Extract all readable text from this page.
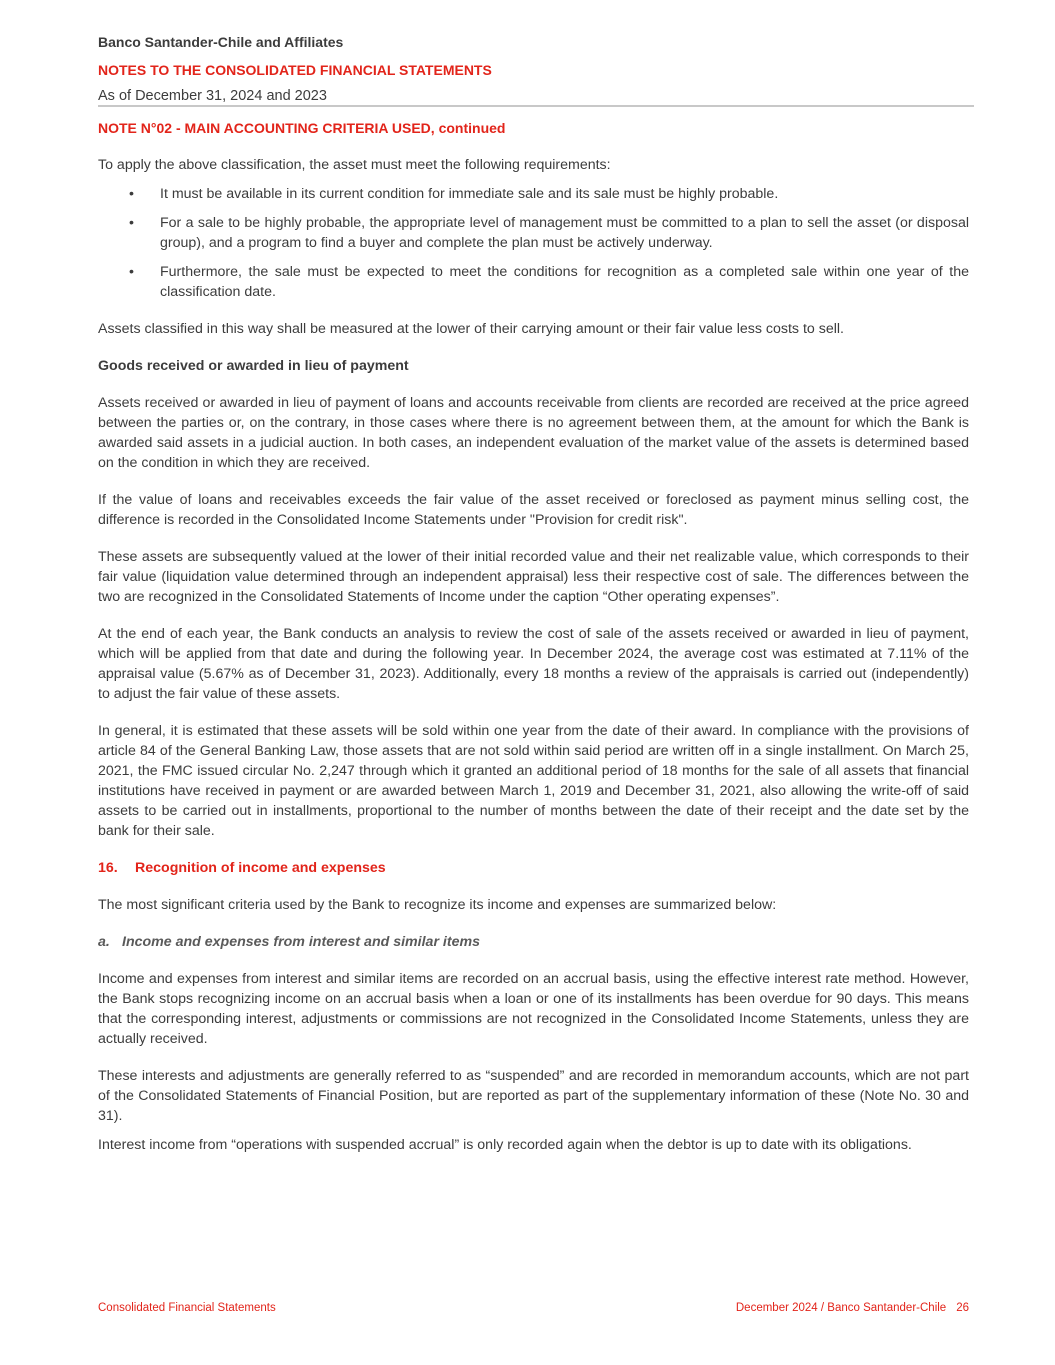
Banco Santander-Chile and Affiliates
NOTES TO THE CONSOLIDATED FINANCIAL STATEMENTS
As of December 31, 2024 and 2023
NOTE N°02 - MAIN ACCOUNTING CRITERIA USED, continued

To apply the above classification, the asset must meet the following requirements:

• It must be available in its current condition for immediate sale and its sale must be highly probable.
• For a sale to be highly probable, the appropriate level of management must be committed to a plan to sell the asset (or disposal group), and a program to find a buyer and complete the plan must be actively underway.
• Furthermore, the sale must be expected to meet the conditions for recognition as a completed sale within one year of the classification date.

Assets classified in this way shall be measured at the lower of their carrying amount or their fair value less costs to sell.

Goods received or awarded in lieu of payment

Assets received or awarded in lieu of payment of loans and accounts receivable from clients are recorded are received at the price agreed between the parties or, on the contrary, in those cases where there is no agreement between them, at the amount for which the Bank is awarded said assets in a judicial auction. In both cases, an independent evaluation of the market value of the assets is determined based on the condition in which they are received.

If the value of loans and receivables exceeds the fair value of the asset received or foreclosed as payment minus selling cost, the difference is recorded in the Consolidated Income Statements under "Provision for credit risk".

These assets are subsequently valued at the lower of their initial recorded value and their net realizable value, which corresponds to their fair value (liquidation value determined through an independent appraisal) less their respective cost of sale. The differences between the two are recognized in the Consolidated Statements of Income under the caption “Other operating expenses”.

At the end of each year, the Bank conducts an analysis to review the cost of sale of the assets received or awarded in lieu of payment, which will be applied from that date and during the following year. In December 2024, the average cost was estimated at 7.11% of the appraisal value (5.67% as of December 31, 2023). Additionally, every 18 months a review of the appraisals is carried out (independently) to adjust the fair value of these assets.

In general, it is estimated that these assets will be sold within one year from the date of their award. In compliance with the provisions of article 84 of the General Banking Law, those assets that are not sold within said period are written off in a single installment. On March 25, 2021, the FMC issued circular No. 2,247 through which it granted an additional period of 18 months for the sale of all assets that financial institutions have received in payment or are awarded between March 1, 2019 and December 31, 2021, also allowing the write-off of said assets to be carried out in installments, proportional to the number of months between the date of their receipt and the date set by the bank for their sale.

16. Recognition of income and expenses

The most significant criteria used by the Bank to recognize its income and expenses are summarized below:

a. Income and expenses from interest and similar items

Income and expenses from interest and similar items are recorded on an accrual basis, using the effective interest rate method. However, the Bank stops recognizing income on an accrual basis when a loan or one of its installments has been overdue for 90 days. This means that the corresponding interest, adjustments or commissions are not recognized in the Consolidated Income Statements, unless they are actually received.

These interests and adjustments are generally referred to as “suspended” and are recorded in memorandum accounts, which are not part of the Consolidated Statements of Financial Position, but are reported as part of the supplementary information of these (Note No. 30 and 31).

Interest income from “operations with suspended accrual” is only recorded again when the debtor is up to date with its obligations.

Consolidated Financial Statements	December 2024 / Banco Santander-Chile 26
